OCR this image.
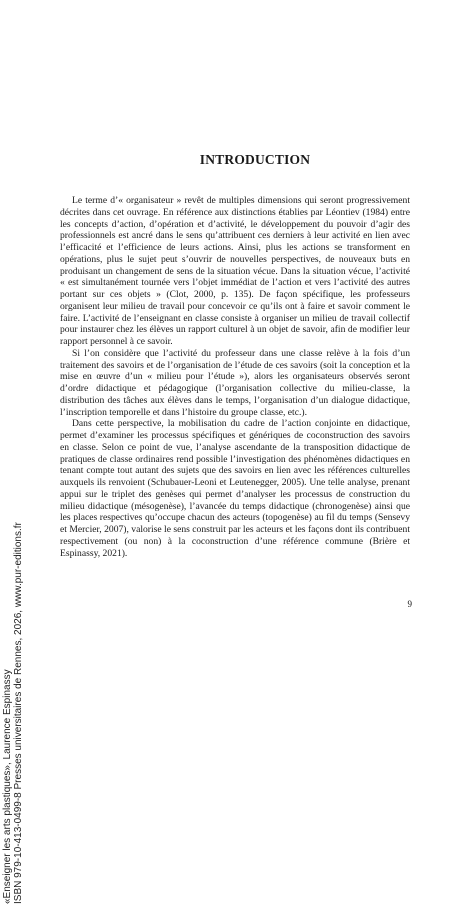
INTRODUCTION

Le terme d’« organisateur » revêt de multiples dimensions qui seront progressivement décrites dans cet ouvrage. En référence aux distinctions établies par Léontiev (1984) entre les concepts d’action, d’opération et d’activité, le développement du pouvoir d’agir des professionnels est ancré dans le sens qu’attribuent ces derniers à leur activité en lien avec l’efficacité et l’efficience de leurs actions. Ainsi, plus les actions se transforment en opérations, plus le sujet peut s’ouvrir de nouvelles perspectives, de nouveaux buts en produisant un changement de sens de la situation vécue. Dans la situation vécue, l’activité « est simultanément tournée vers l’objet immédiat de l’action et vers l’activité des autres portant sur ces objets » (Clot, 2000, p. 135). De façon spécifique, les professeurs organisent leur milieu de travail pour concevoir ce qu’ils ont à faire et savoir comment le faire. L’activité de l’enseignant en classe consiste à organiser un milieu de travail collectif pour instaurer chez les élèves un rapport culturel à un objet de savoir, afin de modifier leur rapport personnel à ce savoir.

Si l’on considère que l’activité du professeur dans une classe relève à la fois d’un traitement des savoirs et de l’organisation de l’étude de ces savoirs (soit la conception et la mise en œuvre d’un « milieu pour l’étude »), alors les organisateurs observés seront d’ordre didactique et pédagogique (l’organisation collective du milieu-classe, la distribution des tâches aux élèves dans le temps, l’organisation d’un dialogue didactique, l’inscription temporelle et dans l’histoire du groupe classe, etc.).

Dans cette perspective, la mobilisation du cadre de l’action conjointe en didactique, permet d’examiner les processus spécifiques et génériques de coconstruction des savoirs en classe. Selon ce point de vue, l’analyse ascendante de la transposition didactique de pratiques de classe ordinaires rend possible l’investigation des phénomènes didactiques en tenant compte tout autant des sujets que des savoirs en lien avec les références culturelles auxquels ils renvoient (Schubauer-Leoni et Leutenegger, 2005). Une telle analyse, prenant appui sur le triplet des genèses qui permet d’analyser les processus de construction du milieu didactique (mésogenèse), l’avancée du temps didactique (chronogenèse) ainsi que les places respectives qu’occupe chacun des acteurs (topogenèse) au fil du temps (Sensevy et Mercier, 2007), valorise le sens construit par les acteurs et les façons dont ils contribuent respectivement (ou non) à la coconstruction d’une référence commune (Brière et Espinassy, 2021).

9
«Enseigner les arts plastiques», Laurence Espinassy ISBN 979-10-413-0499-8 Presses universitaires de Rennes, 2026, www.pur-editions.fr
